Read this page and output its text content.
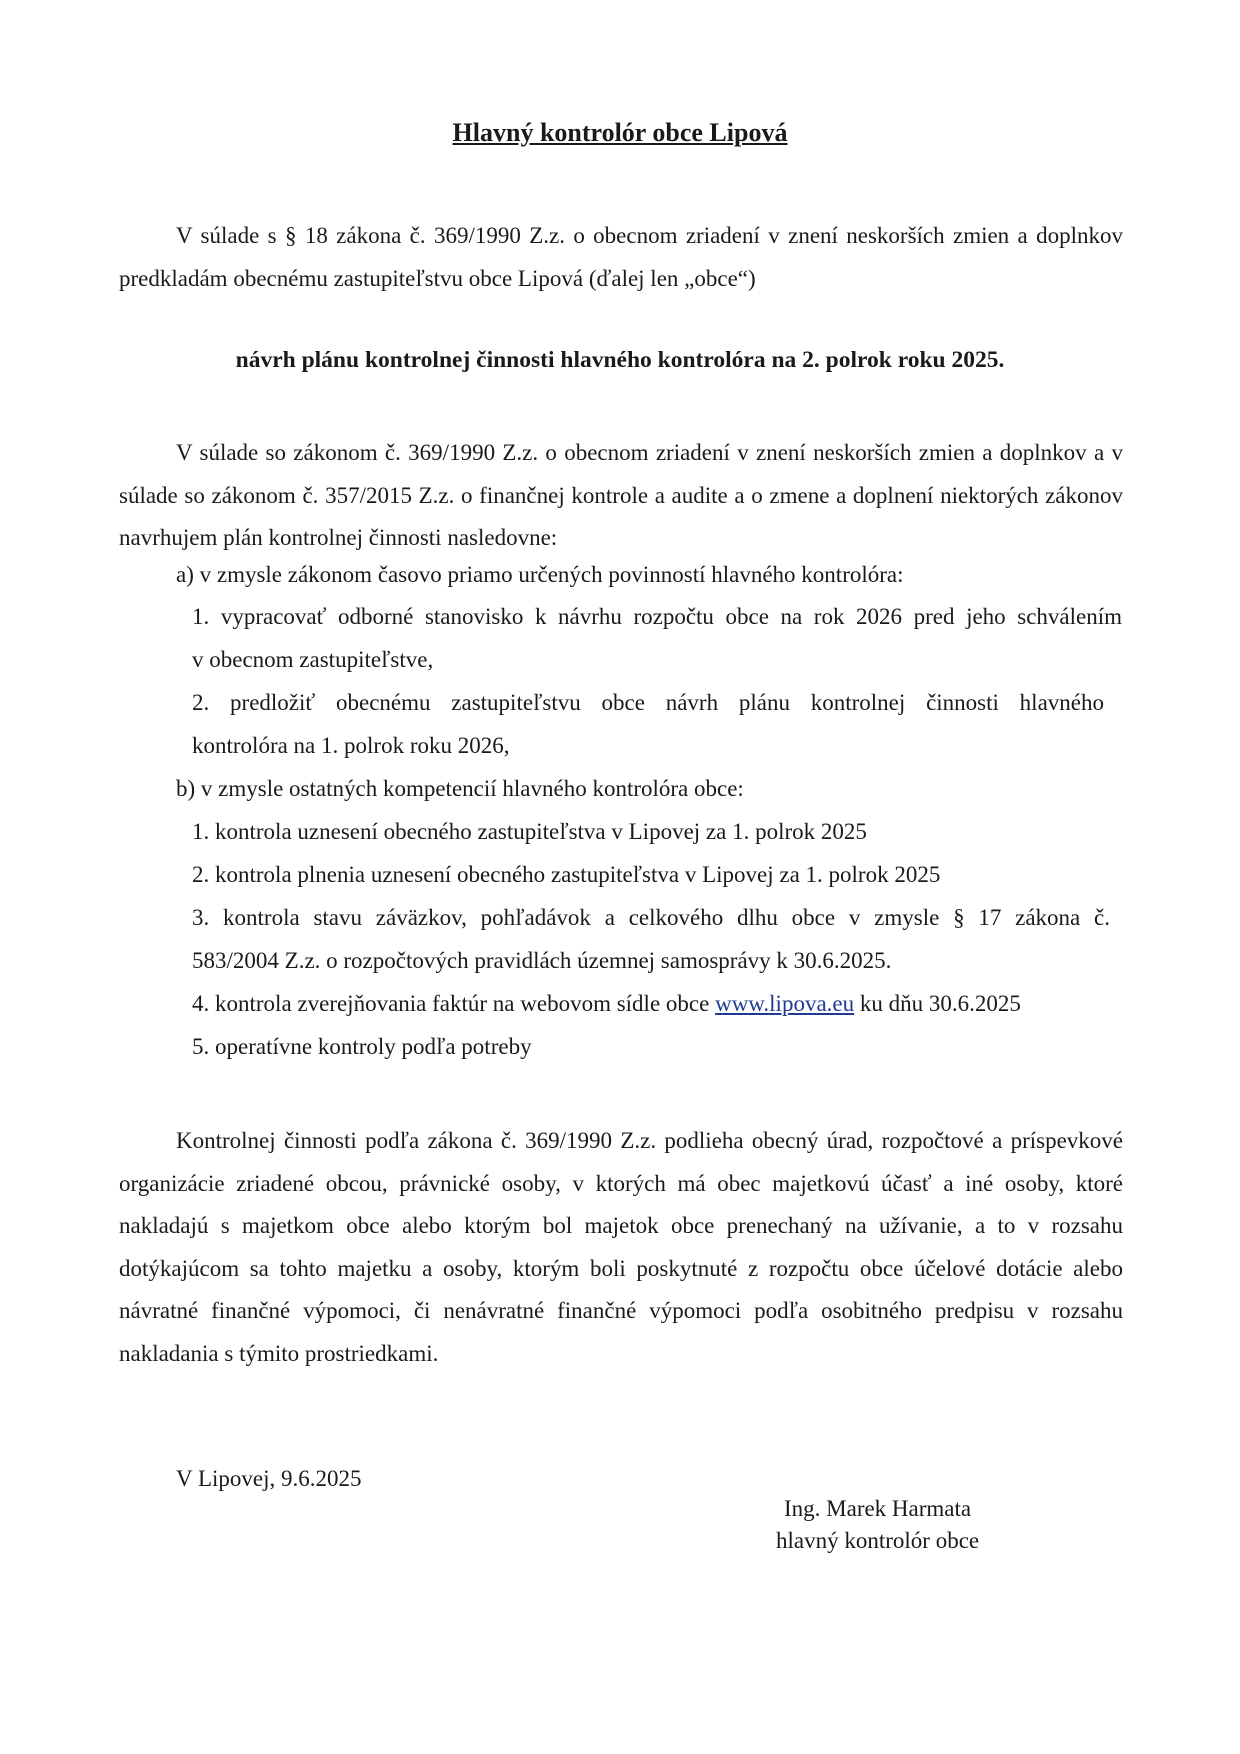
Hlavný kontrolór obce Lipová

V súlade s § 18 zákona č. 369/1990 Z.z. o obecnom zriadení v znení neskorších zmien a doplnkov predkladám obecnému zastupiteľstvu obce Lipová (ďalej len „obce“)

návrh plánu kontrolnej činnosti hlavného kontrolóra na 2. polrok roku 2025.

V súlade so zákonom č. 369/1990 Z.z. o obecnom zriadení v znení neskorších zmien a doplnkov a v súlade so zákonom č. 357/2015 Z.z. o finančnej kontrole a audite a o zmene a doplnení niektorých zákonov navrhujem plán kontrolnej činnosti nasledovne:

a) v zmysle zákonom časovo priamo určených povinností hlavného kontrolóra:
1. vypracovať odborné stanovisko k návrhu rozpočtu obce na rok 2026 pred jeho schválením
v obecnom zastupiteľstve,
2. predložiť obecnému zastupiteľstvu obce návrh plánu kontrolnej činnosti hlavného
kontrolóra na 1. polrok roku 2026,
b) v zmysle ostatných kompetencií hlavného kontrolóra obce:
1. kontrola uznesení obecného zastupiteľstva v Lipovej za 1. polrok 2025
2. kontrola plnenia uznesení obecného zastupiteľstva v Lipovej za 1. polrok 2025
3. kontrola stavu záväzkov, pohľadávok a celkového dlhu obce v zmysle § 17 zákona č.
583/2004 Z.z. o rozpočtových pravidlách územnej samosprávy k 30.6.2025.
4. kontrola zverejňovania faktúr na webovom sídle obce www.lipova.eu ku dňu 30.6.2025
5. operatívne kontroly podľa potreby

Kontrolnej činnosti podľa zákona č. 369/1990 Z.z. podlieha obecný úrad, rozpočtové a príspevkové organizácie zriadené obcou, právnické osoby, v ktorých má obec majetkovú účasť a iné osoby, ktoré nakladajú s majetkom obce alebo ktorým bol majetok obce prenechaný na užívanie, a to v rozsahu dotýkajúcom sa tohto majetku a osoby, ktorým boli poskytnuté z rozpočtu obce účelové dotácie alebo návratné finančné výpomoci, či nenávratné finančné výpomoci podľa osobitného predpisu v rozsahu nakladania s týmito prostriedkami.

V Lipovej, 9.6.2025
Ing. Marek Harmata
hlavný kontrolór obce
